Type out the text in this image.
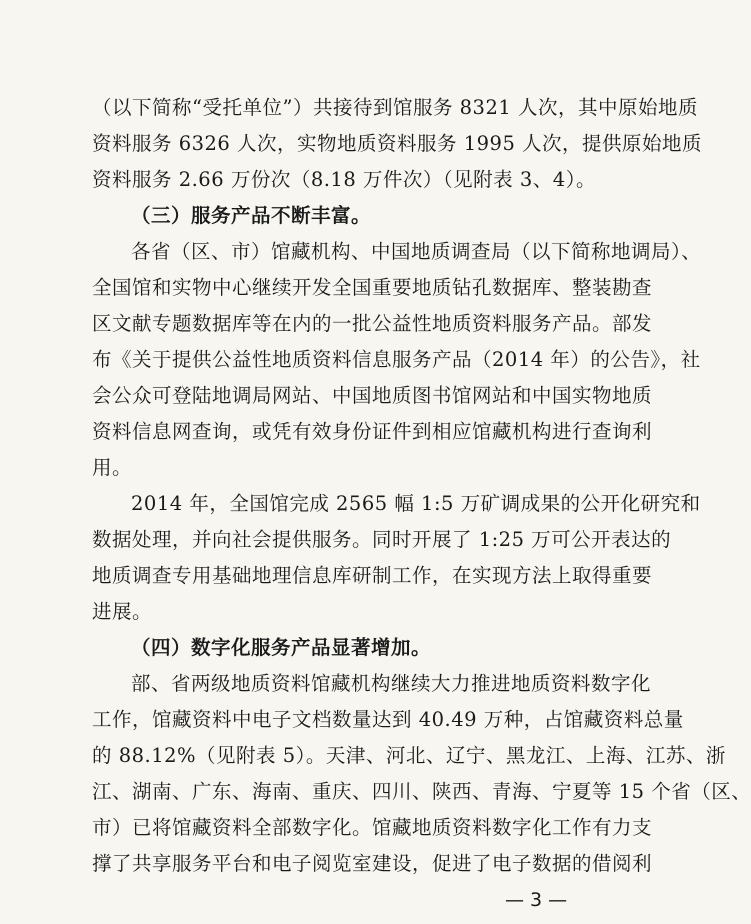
（以下简称“受托单位”）共接待到馆服务 8321 人次，其中原始地质
资料服务 6326 人次，实物地质资料服务 1995 人次，提供原始地质
资料服务 2.66 万份次（8.18 万件次）（见附表 3、4）。
（三）服务产品不断丰富。
各省（区、市）馆藏机构、中国地质调查局（以下简称地调局）、
全国馆和实物中心继续开发全国重要地质钻孔数据库、整装勘查
区文献专题数据库等在内的一批公益性地质资料服务产品。部发
布《关于提供公益性地质资料信息服务产品（2014 年）的公告》，社
会公众可登陆地调局网站、中国地质图书馆网站和中国实物地质
资料信息网查询，或凭有效身份证件到相应馆藏机构进行查询利
用。
2014 年，全国馆完成 2565 幅 1:5 万矿调成果的公开化研究和
数据处理，并向社会提供服务。同时开展了 1:25 万可公开表达的
地质调查专用基础地理信息库研制工作，在实现方法上取得重要
进展。
（四）数字化服务产品显著增加。
部、省两级地质资料馆藏机构继续大力推进地质资料数字化
工作，馆藏资料中电子文档数量达到 40.49 万种，占馆藏资料总量
的 88.12%（见附表 5）。天津、河北、辽宁、黑龙江、上海、江苏、浙
江、湖南、广东、海南、重庆、四川、陕西、青海、宁夏等 15 个省（区、
市）已将馆藏资料全部数字化。馆藏地质资料数字化工作有力支
撑了共享服务平台和电子阅览室建设，促进了电子数据的借阅利
— 3 —
